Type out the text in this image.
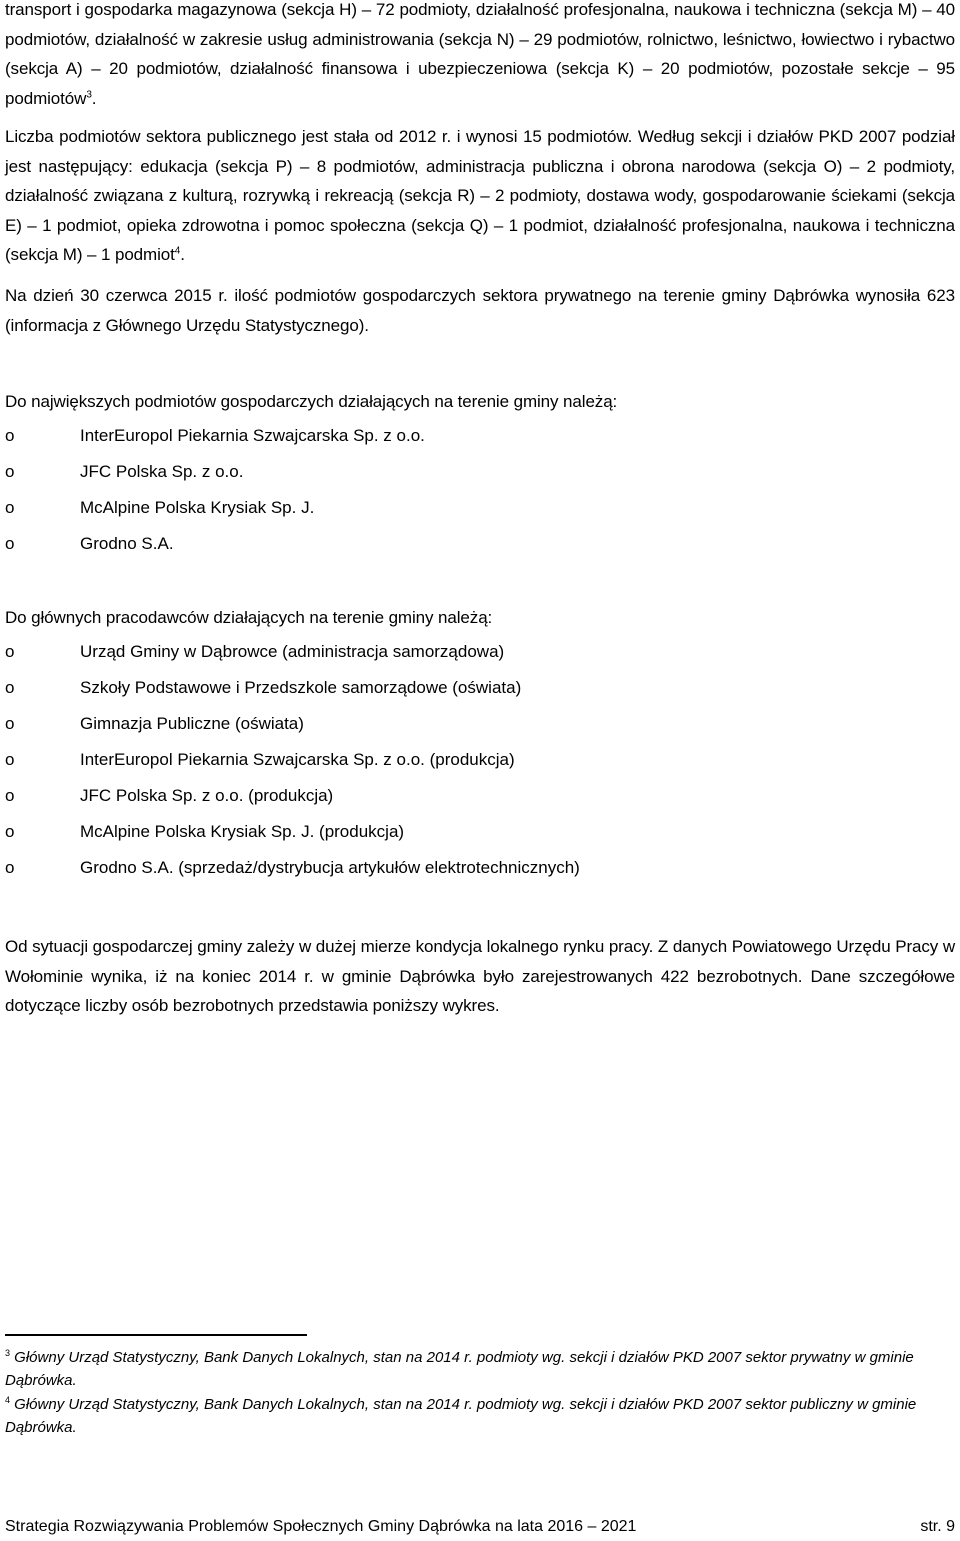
transport i gospodarka magazynowa (sekcja H) – 72 podmioty, działalność profesjonalna, naukowa i techniczna (sekcja M) – 40 podmiotów, działalność w zakresie usług administrowania (sekcja N) – 29 podmiotów, rolnictwo, leśnictwo, łowiectwo i rybactwo (sekcja A) – 20 podmiotów, działalność finansowa i ubezpieczeniowa (sekcja K) – 20 podmiotów, pozostałe sekcje – 95 podmiotów$^3$.

Liczba podmiotów sektora publicznego jest stała od 2012 r. i wynosi 15 podmiotów. Według sekcji i działów PKD 2007 podział jest następujący: edukacja (sekcja P) – 8 podmiotów, administracja publiczna i obrona narodowa (sekcja O) – 2 podmioty, działalność związana z kulturą, rozrywką i rekreacją (sekcja R) – 2 podmioty, dostawa wody, gospodarowanie ściekami (sekcja E) – 1 podmiot, opieka zdrowotna i pomoc społeczna (sekcja Q) – 1 podmiot, działalność profesjonalna, naukowa i techniczna (sekcja M) – 1 podmiot$^4$.

Na dzień 30 czerwca 2015 r. ilość podmiotów gospodarczych sektora prywatnego na terenie gminy Dąbrówka wynosiła 623 (informacja z Głównego Urzędu Statystycznego).

Do największych podmiotów gospodarczych działających na terenie gminy należą:

o	InterEuropol Piekarnia Szwajcarska Sp. z o.o.
o	JFC Polska Sp. z o.o.
o	McAlpine Polska Krysiak Sp. J.
o	Grodno S.A.

Do głównych pracodawców działających na terenie gminy należą:

o	Urząd Gminy w Dąbrowce (administracja samorządowa)
o	Szkoły Podstawowe i Przedszkole samorządowe (oświata)
o	Gimnazja Publiczne (oświata)
o	InterEuropol Piekarnia Szwajcarska Sp. z o.o. (produkcja)
o	JFC Polska Sp. z o.o. (produkcja)
o	McAlpine Polska Krysiak Sp. J. (produkcja)
o	Grodno S.A. (sprzedaż/dystrybucja artykułów elektrotechnicznych)

Od sytuacji gospodarczej gminy zależy w dużej mierze kondycja lokalnego rynku pracy. Z danych Powiatowego Urzędu Pracy w Wołominie wynika, iż na koniec 2014 r. w gminie Dąbrówka było zarejestrowanych 422 bezrobotnych. Dane szczegółowe dotyczące liczby osób bezrobotnych przedstawia poniższy wykres.

$^3$ Główny Urząd Statystyczny, Bank Danych Lokalnych, stan na 2014 r. podmioty wg. sekcji i działów PKD 2007 sektor prywatny w gminie Dąbrówka.
$^4$ Główny Urząd Statystyczny, Bank Danych Lokalnych, stan na 2014 r. podmioty wg. sekcji i działów PKD 2007 sektor publiczny w gminie Dąbrówka.
Strategia Rozwiązywania Problemów Społecznych Gminy Dąbrówka na lata 2016 – 2021	str. 9
